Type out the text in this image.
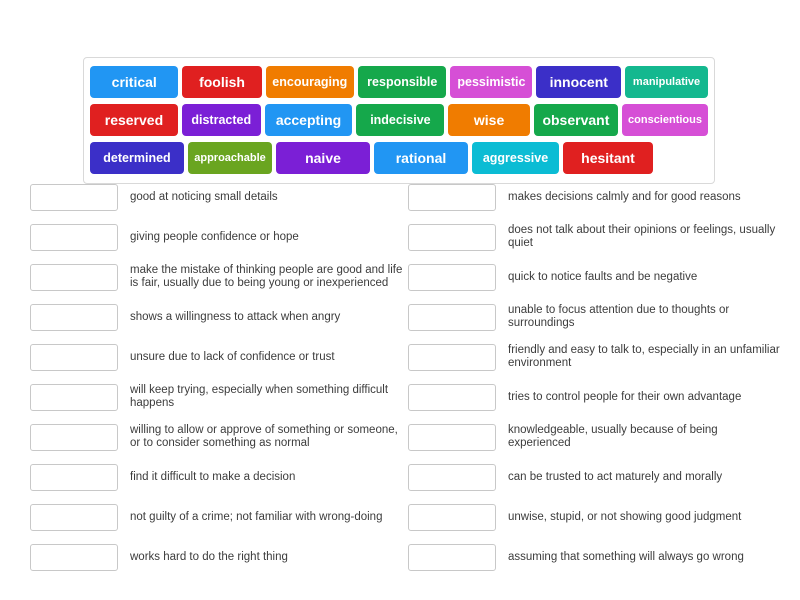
critical	foolish	encouraging	responsible	pessimistic	innocent	manipulative
reserved	distracted	accepting	indecisive	wise	observant	conscientious
determined	approachable	naive	rational	aggressive	hesitant
good at noticing small details
giving people confidence or hope
make the mistake of thinking people are good and life is fair, usually due to being young or inexperienced
shows a willingness to attack when angry
unsure due to lack of confidence or trust
will keep trying, especially when something difficult happens
willing to allow or approve of something or someone, or to consider something as normal
find it difficult to make a decision
not guilty of a crime; not familiar with wrong-doing
works hard to do the right thing
makes decisions calmly and for good reasons
does not talk about their opinions or feelings, usually quiet
quick to notice faults and be negative
unable to focus attention due to thoughts or surroundings
friendly and easy to talk to, especially in an unfamiliar environment
tries to control people for their own advantage
knowledgeable, usually because of being experienced
can be trusted to act maturely and morally
unwise, stupid, or not showing good judgment
assuming that something will always go wrong
